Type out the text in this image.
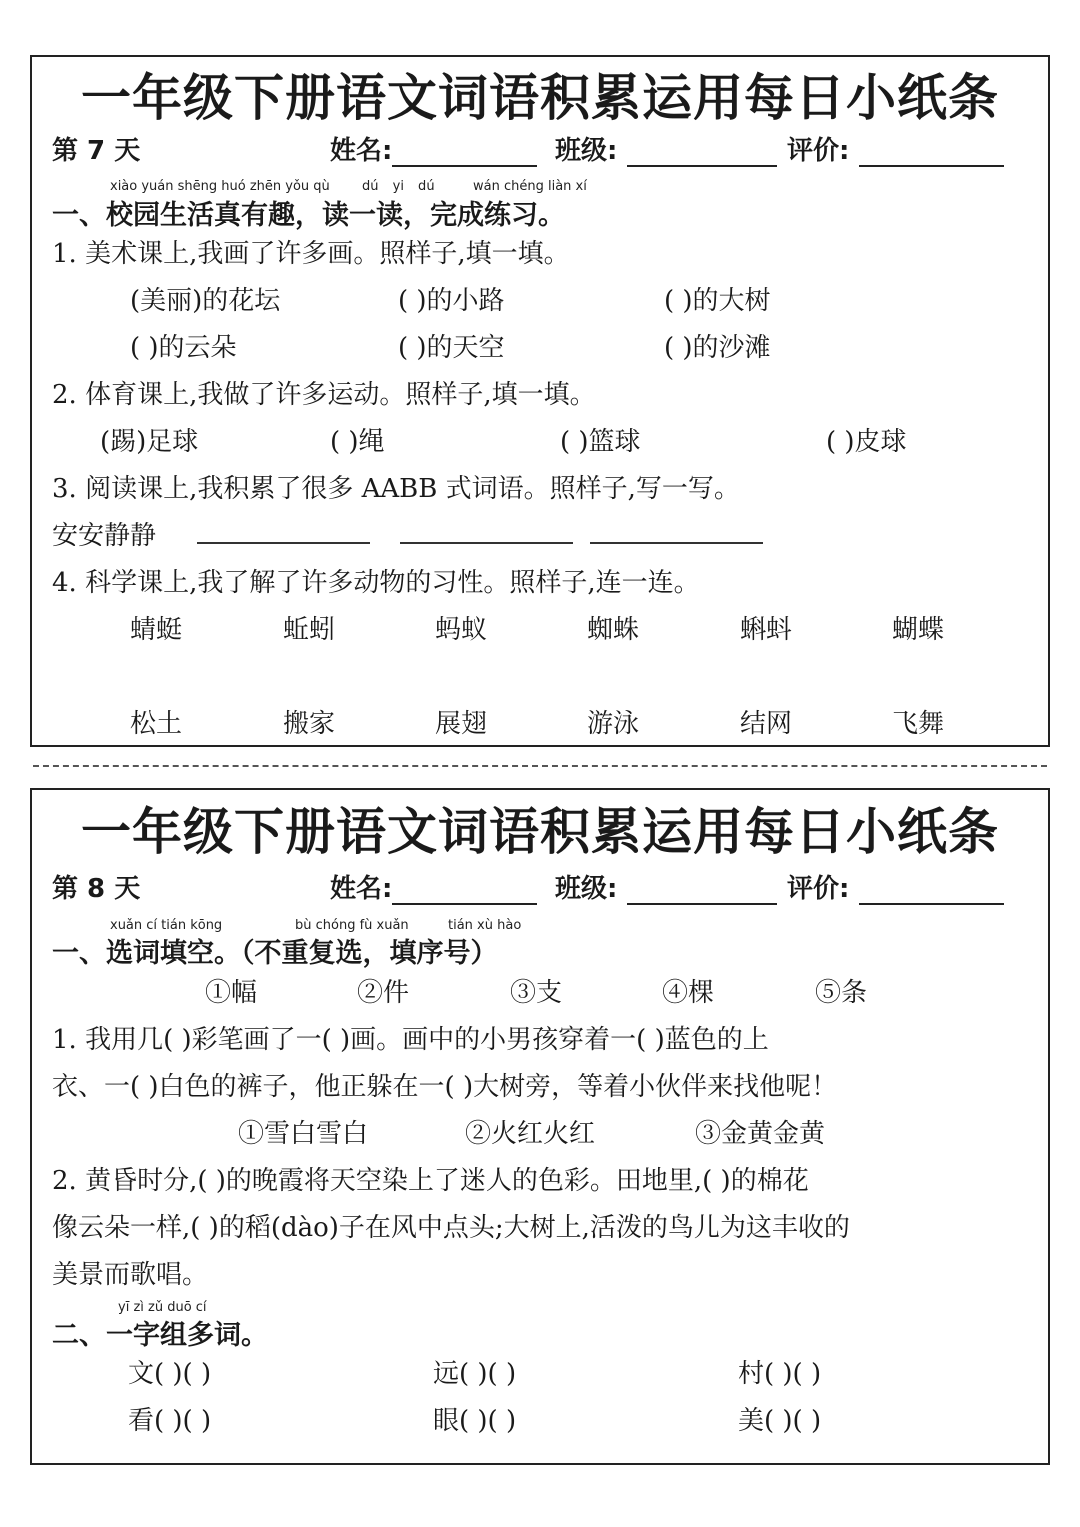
一年级下册语文词语积累运用每日小纸条
第 7 天	姓名:	班级:	评价:
xiào yuán shēng huó zhēn yǒu qù dú yi dú	wán chéng liàn xí
一、校园生活真有趣，读一读，完成练习。
1. 美术课上,我画了许多画。照样子,填一填。
(美丽)的花坛	( )的小路	( )的大树
( )的云朵	( )的天空	( )的沙滩
2. 体育课上,我做了许多运动。照样子,填一填。
(踢)足球	( )绳	( )篮球	( )皮球
3. 阅读课上,我积累了很多 AABB 式词语。照样子,写一写。
安安静静
4. 科学课上,我了解了许多动物的习性。照样子,连一连。
蜻蜓	蚯蚓	蚂蚁	蜘蛛	蝌蚪	蝴蝶
松土	搬家	展翅	游泳	结网	飞舞
一年级下册语文词语积累运用每日小纸条
第 8 天	姓名:	班级:	评价:
xuǎn cí tián kōng	bù chóng fù xuǎn	tián xù hào
一、选词填空。（不重复选，填序号）
①幅	②件	③支	④棵	⑤条
1. 我用几( )彩笔画了一( )画。画中的小男孩穿着一( )蓝色的上
衣、一( )白色的裤子，他正躲在一( )大树旁，等着小伙伴来找他呢！
①雪白雪白	②火红火红	③金黄金黄
2. 黄昏时分,( )的晚霞将天空染上了迷人的色彩。田地里,( )的棉花
像云朵一样,( )的稻(dào)子在风中点头;大树上,活泼的鸟儿为这丰收的
美景而歌唱。
yī zì zǔ duō cí
二、一字组多词。
文( )( )	远( )( )	村( )( )
看( )( )	眼( )( )	美( )( )
